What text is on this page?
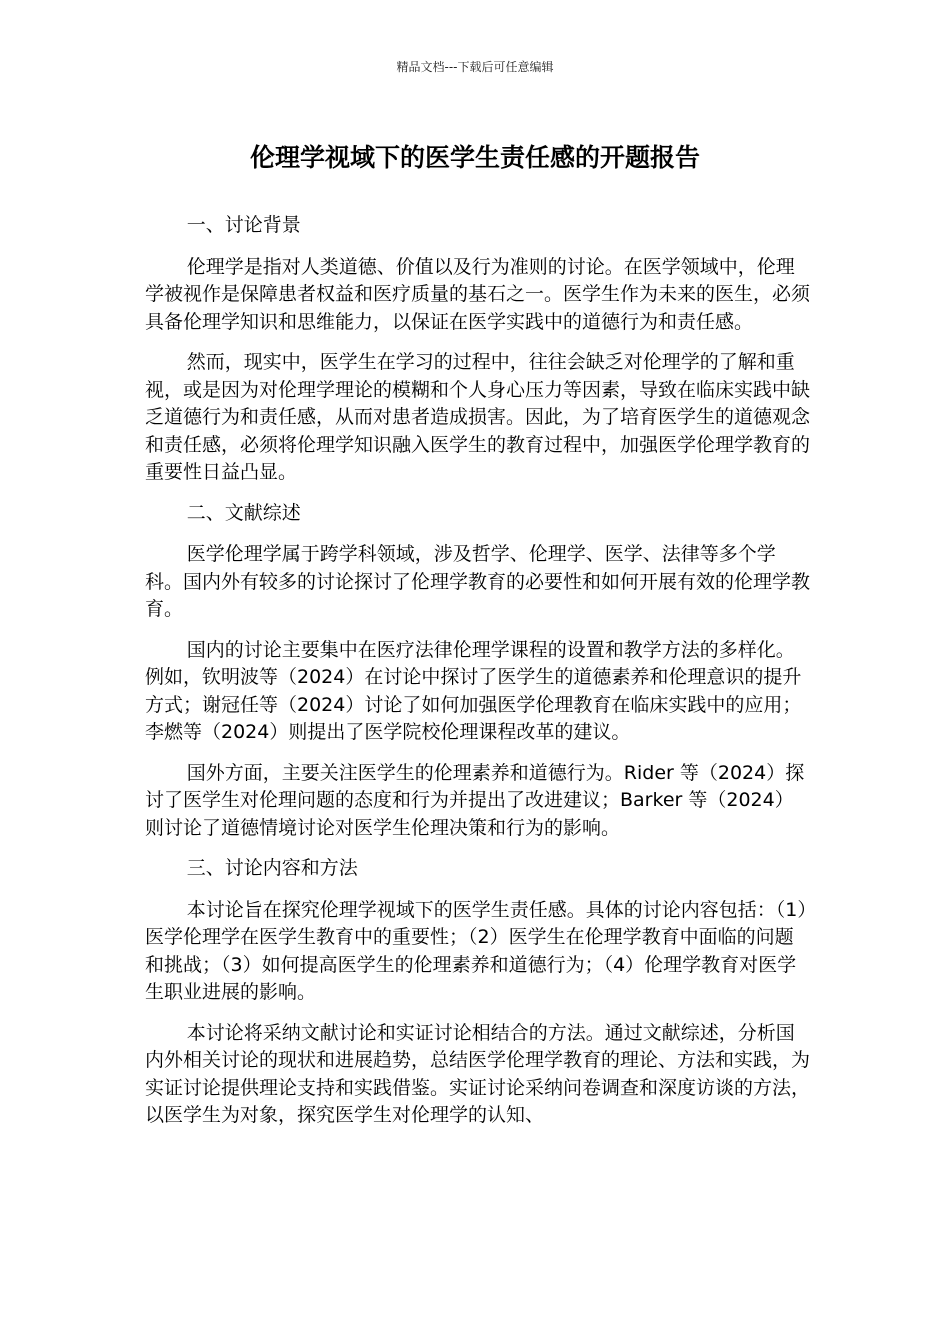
精品文档---下载后可任意编辑
伦理学视域下的医学生责任感的开题报告

一、讨论背景

伦理学是指对人类道德、价值以及行为准则的讨论。在医学领域中，伦理学被视作是保障患者权益和医疗质量的基石之一。医学生作为未来的医生，必须具备伦理学知识和思维能力，以保证在医学实践中的道德行为和责任感。

然而，现实中，医学生在学习的过程中，往往会缺乏对伦理学的了解和重视，或是因为对伦理学理论的模糊和个人身心压力等因素，导致在临床实践中缺乏道德行为和责任感，从而对患者造成损害。因此，为了培育医学生的道德观念和责任感，必须将伦理学知识融入医学生的教育过程中，加强医学伦理学教育的重要性日益凸显。

二、文献综述

医学伦理学属于跨学科领域，涉及哲学、伦理学、医学、法律等多个学科。国内外有较多的讨论探讨了伦理学教育的必要性和如何开展有效的伦理学教育。

国内的讨论主要集中在医疗法律伦理学课程的设置和教学方法的多样化。例如，钦明波等（2024）在讨论中探讨了医学生的道德素养和伦理意识的提升方式；谢冠任等（2024）讨论了如何加强医学伦理教育在临床实践中的应用；李燃等（2024）则提出了医学院校伦理课程改革的建议。

国外方面，主要关注医学生的伦理素养和道德行为。Rider 等（2024）探讨了医学生对伦理问题的态度和行为并提出了改进建议；Barker 等（2024）则讨论了道德情境讨论对医学生伦理决策和行为的影响。

三、讨论内容和方法

本讨论旨在探究伦理学视域下的医学生责任感。具体的讨论内容包括：（1）医学伦理学在医学生教育中的重要性；（2）医学生在伦理学教育中面临的问题和挑战；（3）如何提高医学生的伦理素养和道德行为；（4）伦理学教育对医学生职业进展的影响。

本讨论将采纳文献讨论和实证讨论相结合的方法。通过文献综述，分析国内外相关讨论的现状和进展趋势，总结医学伦理学教育的理论、方法和实践，为实证讨论提供理论支持和实践借鉴。实证讨论采纳问卷调查和深度访谈的方法，以医学生为对象，探究医学生对伦理学的认知、
